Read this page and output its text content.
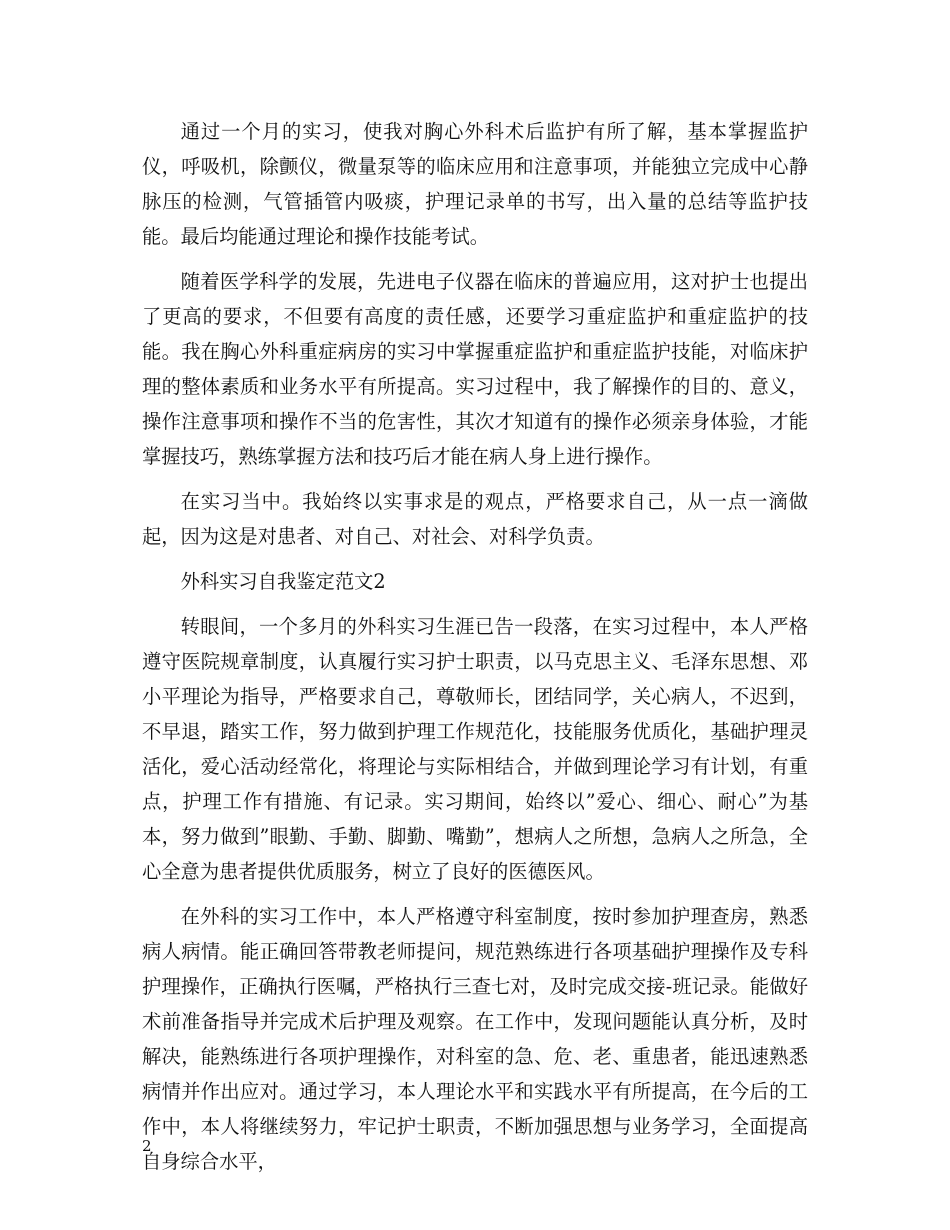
通过一个月的实习，使我对胸心外科术后监护有所了解，基本掌握监护仪，呼吸机，除颤仪，微量泵等的临床应用和注意事项，并能独立完成中心静脉压的检测，气管插管内吸痰，护理记录单的书写，出入量的总结等监护技能。最后均能通过理论和操作技能考试。

随着医学科学的发展，先进电子仪器在临床的普遍应用，这对护士也提出了更高的要求，不但要有高度的责任感，还要学习重症监护和重症监护的技能。我在胸心外科重症病房的实习中掌握重症监护和重症监护技能，对临床护理的整体素质和业务水平有所提高。实习过程中，我了解操作的目的、意义，操作注意事项和操作不当的危害性，其次才知道有的操作必须亲身体验，才能掌握技巧，熟练掌握方法和技巧后才能在病人身上进行操作。

在实习当中。我始终以实事求是的观点，严格要求自己，从一点一滴做起，因为这是对患者、对自己、对社会、对科学负责。

外科实习自我鉴定范文2

转眼间，一个多月的外科实习生涯已告一段落，在实习过程中，本人严格遵守医院规章制度，认真履行实习护士职责，以马克思主义、毛泽东思想、邓小平理论为指导，严格要求自己，尊敬师长，团结同学，关心病人，不迟到，不早退，踏实工作，努力做到护理工作规范化，技能服务优质化，基础护理灵活化，爱心活动经常化，将理论与实际相结合，并做到理论学习有计划，有重点，护理工作有措施、有记录。实习期间，始终以”爱心、细心、耐心”为基本，努力做到”眼勤、手勤、脚勤、嘴勤”，想病人之所想，急病人之所急，全心全意为患者提供优质服务，树立了良好的医德医风。

在外科的实习工作中，本人严格遵守科室制度，按时参加护理查房，熟悉病人病情。能正确回答带教老师提问，规范熟练进行各项基础护理操作及专科护理操作，正确执行医嘱，严格执行三查七对，及时完成交接-班记录。能做好术前准备指导并完成术后护理及观察。在工作中，发现问题能认真分析，及时解决，能熟练进行各项护理操作，对科室的急、危、老、重患者，能迅速熟悉病情并作出应对。通过学习，本人理论水平和实践水平有所提高，在今后的工作中，本人将继续努力，牢记护士职责，不断加强思想与业务学习，全面提高自身综合水平，

2
